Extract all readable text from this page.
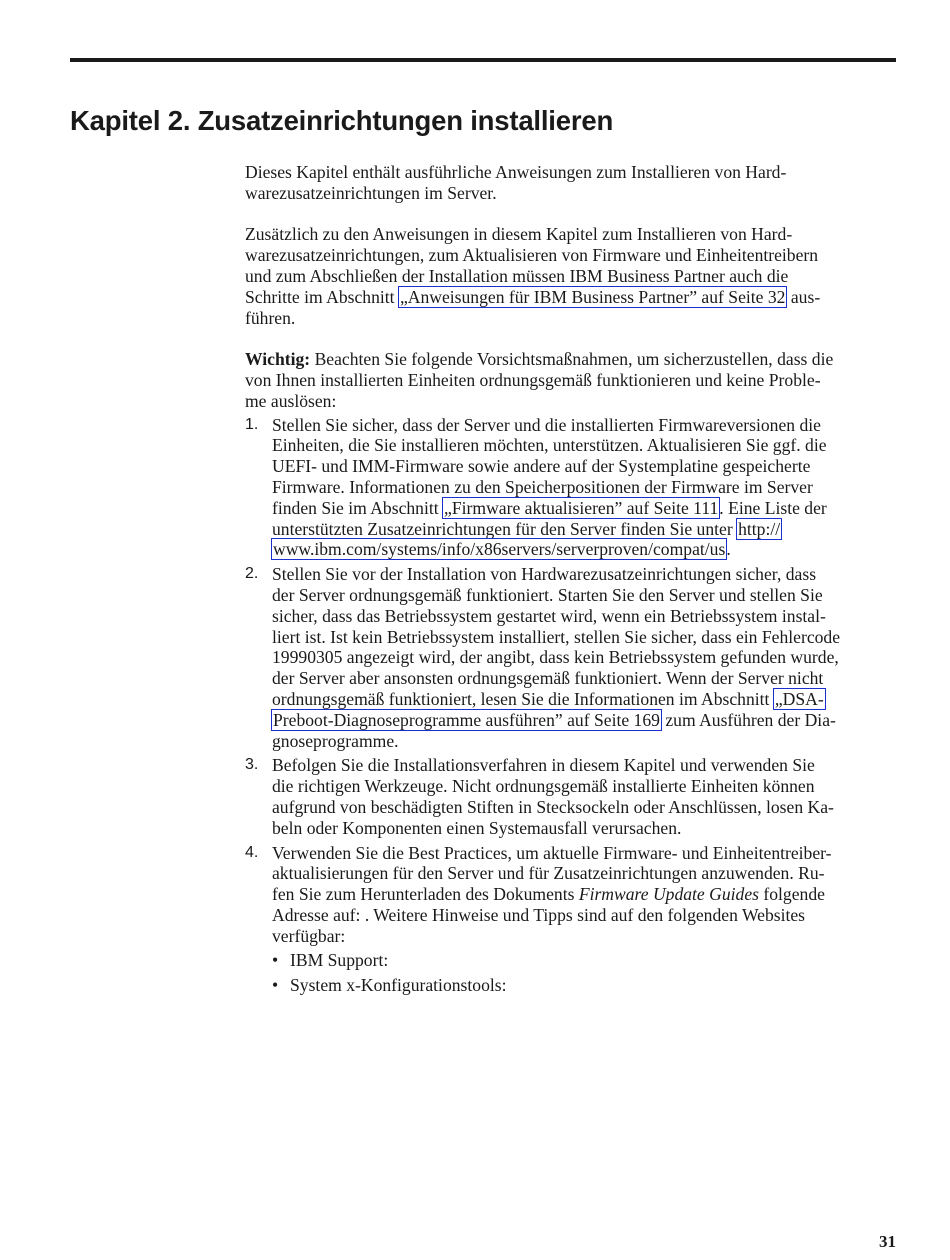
Kapitel 2. Zusatzeinrichtungen installieren
Dieses Kapitel enthält ausführliche Anweisungen zum Installieren von Hard-
warezusatzeinrichtungen im Server.
Zusätzlich zu den Anweisungen in diesem Kapitel zum Installieren von Hard-
warezusatzeinrichtungen, zum Aktualisieren von Firmware und Einheitentreibern
und zum Abschließen der Installation müssen IBM Business Partner auch die
Schritte im Abschnitt „Anweisungen für IBM Business Partner” auf Seite 32 aus-
führen.
Wichtig: Beachten Sie folgende Vorsichtsmaßnahmen, um sicherzustellen, dass die
von Ihnen installierten Einheiten ordnungsgemäß funktionieren und keine Proble-
me auslösen:
1. Stellen Sie sicher, dass der Server und die installierten Firmwareversionen die
Einheiten, die Sie installieren möchten, unterstützen. Aktualisieren Sie ggf. die
UEFI- und IMM-Firmware sowie andere auf der Systemplatine gespeicherte
Firmware. Informationen zu den Speicherpositionen der Firmware im Server
finden Sie im Abschnitt „Firmware aktualisieren” auf Seite 111. Eine Liste der
unterstützten Zusatzeinrichtungen für den Server finden Sie unter http://
www.ibm.com/systems/info/x86servers/serverproven/compat/us.
2. Stellen Sie vor der Installation von Hardwarezusatzeinrichtungen sicher, dass
der Server ordnungsgemäß funktioniert. Starten Sie den Server und stellen Sie
sicher, dass das Betriebssystem gestartet wird, wenn ein Betriebssystem instal-
liert ist. Ist kein Betriebssystem installiert, stellen Sie sicher, dass ein Fehlercode
19990305 angezeigt wird, der angibt, dass kein Betriebssystem gefunden wurde,
der Server aber ansonsten ordnungsgemäß funktioniert. Wenn der Server nicht
ordnungsgemäß funktioniert, lesen Sie die Informationen im Abschnitt „DSA-
Preboot-Diagnoseprogramme ausführen” auf Seite 169 zum Ausführen der Dia-
gnoseprogramme.
3. Befolgen Sie die Installationsverfahren in diesem Kapitel und verwenden Sie
die richtigen Werkzeuge. Nicht ordnungsgemäß installierte Einheiten können
aufgrund von beschädigten Stiften in Stecksockeln oder Anschlüssen, losen Ka-
beln oder Komponenten einen Systemausfall verursachen.
4. Verwenden Sie die Best Practices, um aktuelle Firmware- und Einheitentreiber-
aktualisierungen für den Server und für Zusatzeinrichtungen anzuwenden. Ru-
fen Sie zum Herunterladen des Dokuments Firmware Update Guides folgende
Adresse auf: . Weitere Hinweise und Tipps sind auf den folgenden Websites
verfügbar:
• IBM Support:
• System x-Konfigurationstools:
31
